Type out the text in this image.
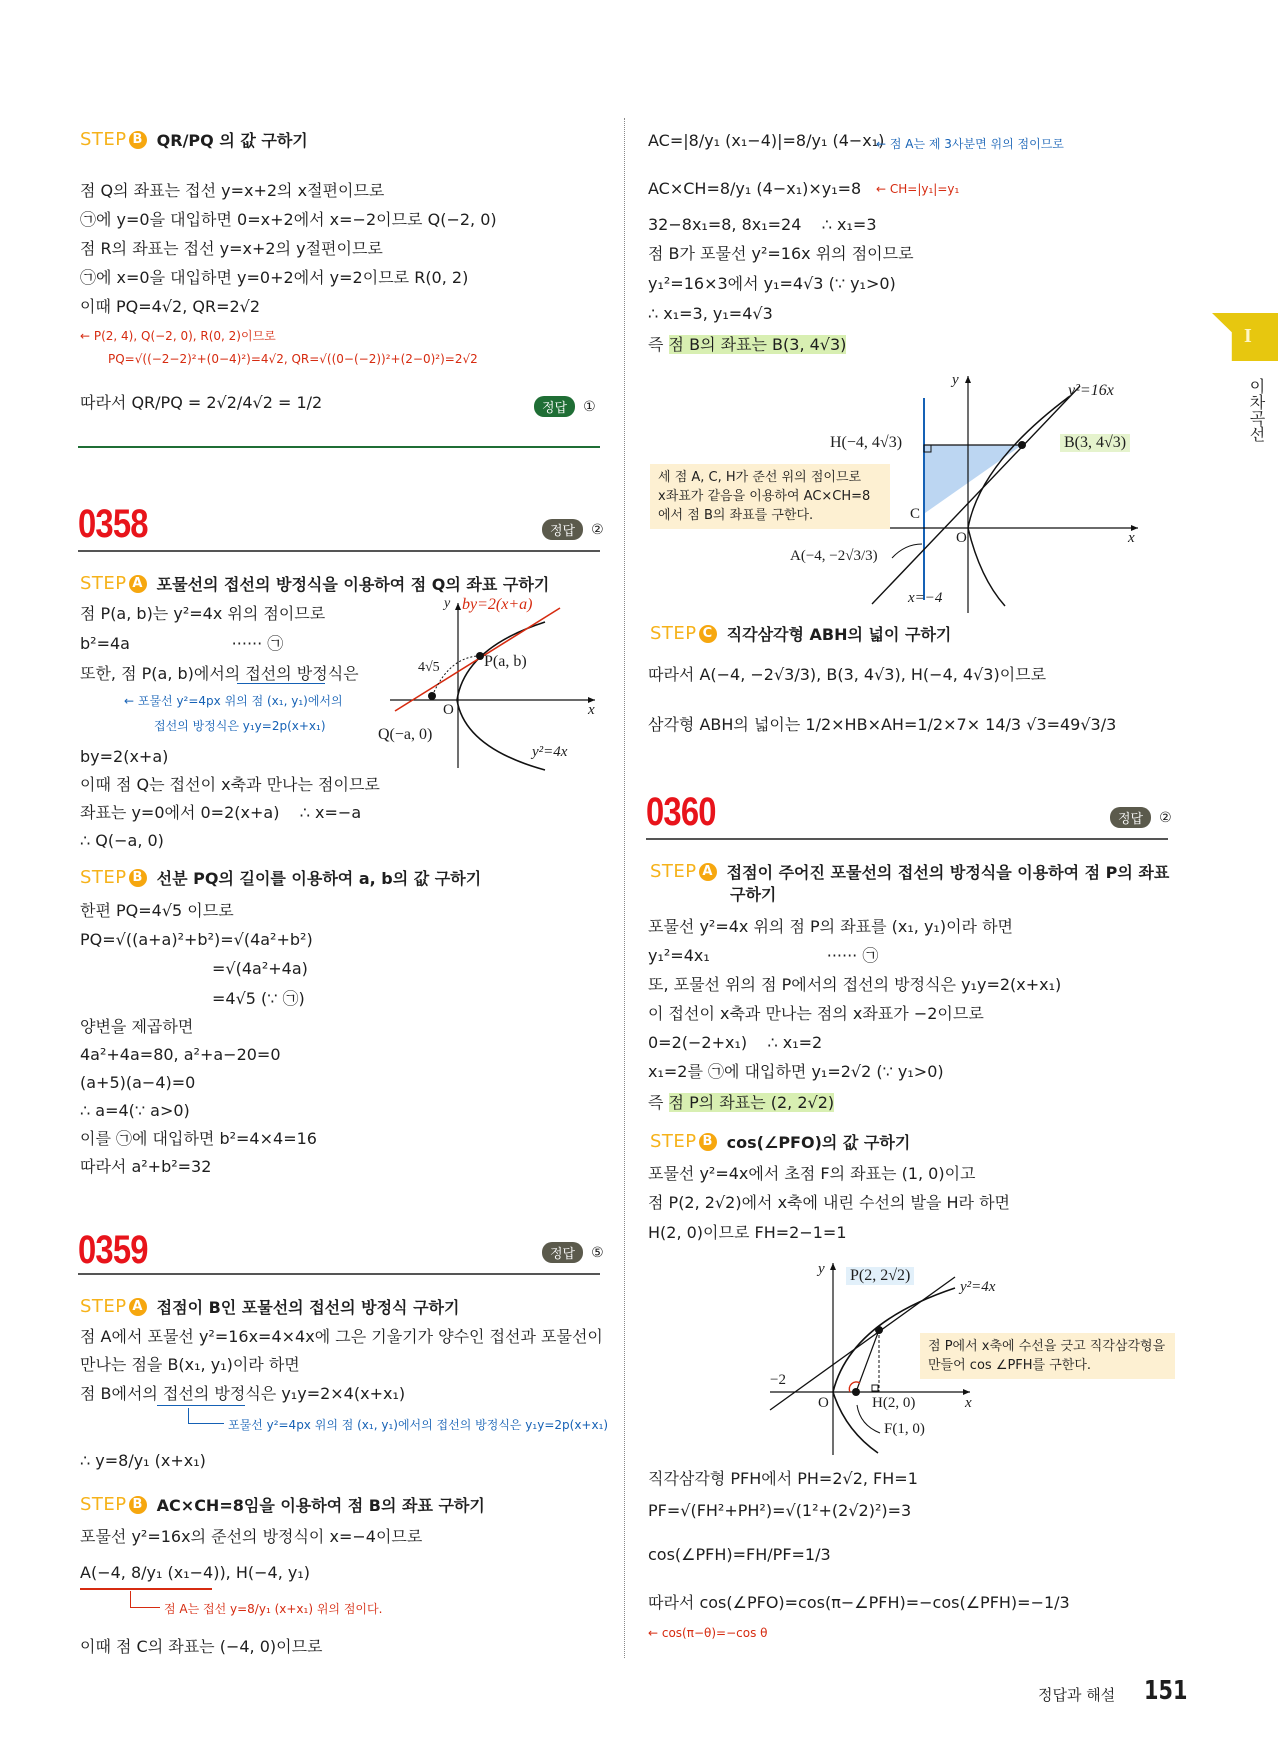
STEP B QR/PQ 의 값 구하기
점 Q의 좌표는 접선 y=x+2의 x절편이므로
㉠에 y=0을 대입하면 0=x+2에서 x=−2이므로 Q(−2, 0)
점 R의 좌표는 접선 y=x+2의 y절편이므로
㉠에 x=0을 대입하면 y=0+2에서 y=2이므로 R(0, 2)
이때 PQ=4√2, QR=2√2
← P(2, 4), Q(−2, 0), R(0, 2)이므로
PQ=√((−2−2)²+(0−4)²)=4√2, QR=√((0−(−2))²+(2−0)²)=2√2
따라서 QR/PQ = 2√2/4√2 = 1/2	정답	①
0358	정답	②
STEP A 포물선의 접선의 방정식을 이용하여 점 Q의 좌표 구하기
점 P(a, b)는 y²=4x 위의 점이므로
b²=4a                    ······ ㉠
또한, 점 P(a, b)에서의 접선의 방정식은
← 포물선 y²=4px 위의 점 (x₁, y₁)에서의
접선의 방정식은 y₁y=2p(x+x₁)
by=2(x+a)
이때 점 Q는 접선이 x축과 만나는 점이므로
좌표는 y=0에서 0=2(x+a)    ∴ x=−a
∴ Q(−a, 0)
by=2(x+a)
y
P(a, b)
4√5
O	x
Q(−a, 0)
y²=4x
STEP B 선분 PQ의 길이를 이용하여 a, b의 값 구하기
한편 PQ=4√5 이므로
PQ=√((a+a)²+b²)=√(4a²+b²)
=√(4a²+4a)
=4√5 (∵ ㉠)
양변을 제곱하면
4a²+4a=80, a²+a−20=0
(a+5)(a−4)=0
∴ a=4(∵ a>0)
이를 ㉠에 대입하면 b²=4×4=16
따라서 a²+b²=32
0359	정답	⑤
STEP A 접점이 B인 포물선의 접선의 방정식 구하기
점 A에서 포물선 y²=16x=4×4x에 그은 기울기가 양수인 접선과 포물선이
만나는 점을 B(x₁, y₁)이라 하면
점 B에서의 접선의 방정식은 y₁y=2×4(x+x₁)
포물선 y²=4px 위의 점 (x₁, y₁)에서의 접선의 방정식은 y₁y=2p(x+x₁)
∴ y=8/y₁ (x+x₁)
STEP B AC×CH=8임을 이용하여 점 B의 좌표 구하기
포물선 y²=16x의 준선의 방정식이 x=−4이므로
A(−4, 8/y₁ (x₁−4)), H(−4, y₁)
점 A는 접선 y=8/y₁ (x+x₁) 위의 점이다.
이때 점 C의 좌표는 (−4, 0)이므로
AC=|8/y₁ (x₁−4)|=8/y₁ (4−x₁)
← 점 A는 제 3사분면 위의 점이므로
AC×CH=8/y₁ (4−x₁)×y₁=8 ← CH=|y₁|=y₁
32−8x₁=8, 8x₁=24    ∴ x₁=3
점 B가 포물선 y²=16x 위의 점이므로
y₁²=16×3에서 y₁=4√3 (∵ y₁>0)
∴ x₁=3, y₁=4√3
즉 점 B의 좌표는 B(3, 4√3)
y
y²=16x
H(−4, 4√3)	B(3, 4√3)
C
O	x
A(−4, −2√3/3)
x=−4
세 점 A, C, H가 준선 위의 점이므로
x좌표가 같음을 이용하여 AC×CH=8
에서 점 B의 좌표를 구한다.
STEP C 직각삼각형 ABH의 넓이 구하기
따라서 A(−4, −2√3/3), B(3, 4√3), H(−4, 4√3)이므로
삼각형 ABH의 넓이는 1/2×HB×AH=1/2×7× 14/3 √3=49√3/3
0360	정답	②
STEP A 접점이 주어진 포물선의 접선의 방정식을 이용하여 점 P의 좌표
구하기
포물선 y²=4x 위의 점 P의 좌표를 (x₁, y₁)이라 하면
y₁²=4x₁                       ······ ㉠
또, 포물선 위의 점 P에서의 접선의 방정식은 y₁y=2(x+x₁)
이 접선이 x축과 만나는 점의 x좌표가 −2이므로
0=2(−2+x₁)    ∴ x₁=2
x₁=2를 ㉠에 대입하면 y₁=2√2 (∵ y₁>0)
즉 점 P의 좌표는 (2, 2√2)
STEP B cos(∠PFO)의 값 구하기
포물선 y²=4x에서 초점 F의 좌표는 (1, 0)이고
점 P(2, 2√2)에서 x축에 내린 수선의 발을 H라 하면
H(2, 0)이므로 FH=2−1=1
y P(2, 2√2)
y²=4x
−2
O	H(2, 0)	x
F(1, 0)
점 P에서 x축에 수선을 긋고 직각삼각형을
만들어 cos ∠PFH를 구한다.
직각삼각형 PFH에서 PH=2√2, FH=1
PF=√(FH²+PH²)=√(1²+(2√2)²)=3
cos(∠PFH)=FH/PF=1/3
따라서 cos(∠PFO)=cos(π−∠PFH)=−cos(∠PFH)=−1/3
← cos(π−θ)=−cos θ
I
이차곡선
정답과 해설 151
